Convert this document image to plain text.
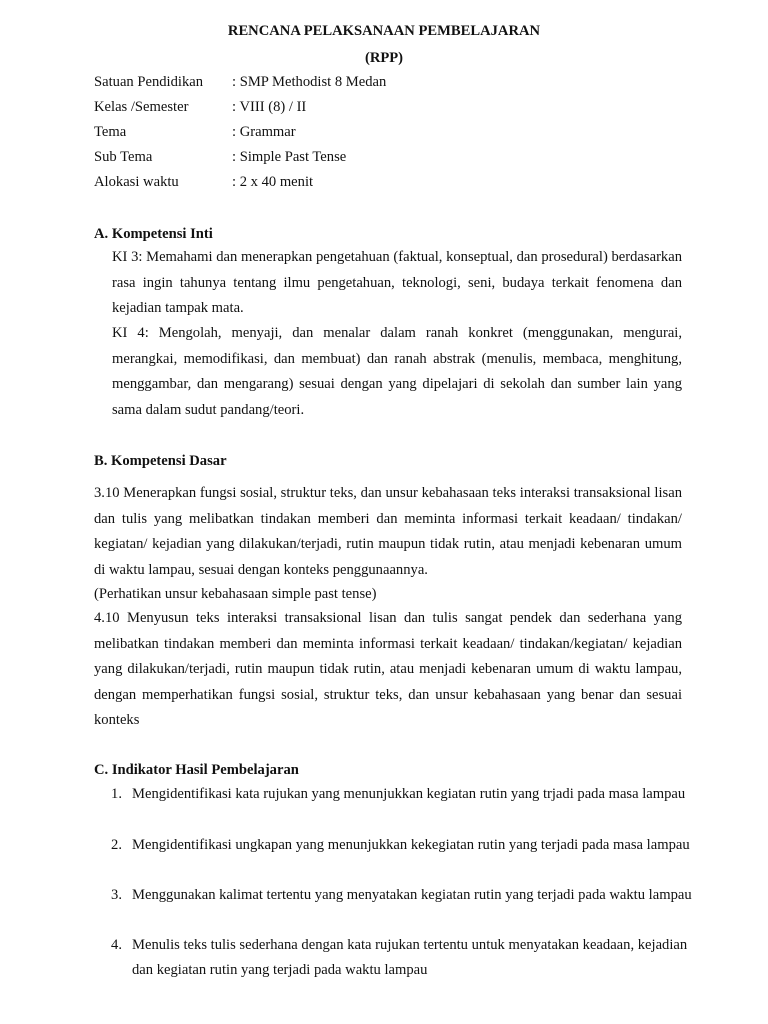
RENCANA PELAKSANAAN PEMBELAJARAN
(RPP)
Satuan Pendidikan : SMP Methodist 8 Medan
Kelas /Semester	: VIII (8) / II
Tema	: Grammar
Sub Tema	: Simple Past Tense
Alokasi waktu	: 2 x 40 menit
A. Kompetensi Inti
KI 3: Memahami dan menerapkan pengetahuan (faktual, konseptual, dan prosedural) berdasarkan rasa ingin tahunya tentang ilmu pengetahuan, teknologi, seni, budaya terkait fenomena dan kejadian tampak mata.
KI 4: Mengolah, menyaji, dan menalar dalam ranah konkret (menggunakan, mengurai, merangkai, memodifikasi, dan membuat) dan ranah abstrak (menulis, membaca, menghitung, menggambar, dan mengarang) sesuai dengan yang dipelajari di sekolah dan sumber lain yang sama dalam sudut pandang/teori.
B. Kompetensi Dasar
3.10 Menerapkan fungsi sosial, struktur teks, dan unsur kebahasaan teks interaksi transaksional lisan dan tulis yang melibatkan tindakan memberi dan meminta informasi terkait keadaan/ tindakan/ kegiatan/ kejadian yang dilakukan/terjadi, rutin maupun tidak rutin, atau menjadi kebenaran umum di waktu lampau, sesuai dengan konteks penggunaannya.
(Perhatikan unsur kebahasaan simple past tense)
4.10 Menyusun teks interaksi transaksional lisan dan tulis sangat pendek dan sederhana yang melibatkan tindakan memberi dan meminta informasi terkait keadaan/ tindakan/kegiatan/ kejadian yang dilakukan/terjadi, rutin maupun tidak rutin, atau menjadi kebenaran umum di waktu lampau, dengan memperhatikan fungsi sosial, struktur teks, dan unsur kebahasaan yang benar dan sesuai konteks
C. Indikator Hasil Pembelajaran
1. Mengidentifikasi kata rujukan yang menunjukkan kegiatan rutin yang trjadi pada masa lampau
2. Mengidentifikasi ungkapan yang menunjukkan kekegiatan rutin yang terjadi pada masa lampau
3. Menggunakan kalimat tertentu yang menyatakan kegiatan rutin yang terjadi pada waktu lampau
4. Menulis teks tulis sederhana dengan kata rujukan tertentu untuk menyatakan keadaan, kejadian dan kegiatan rutin yang terjadi pada waktu lampau
